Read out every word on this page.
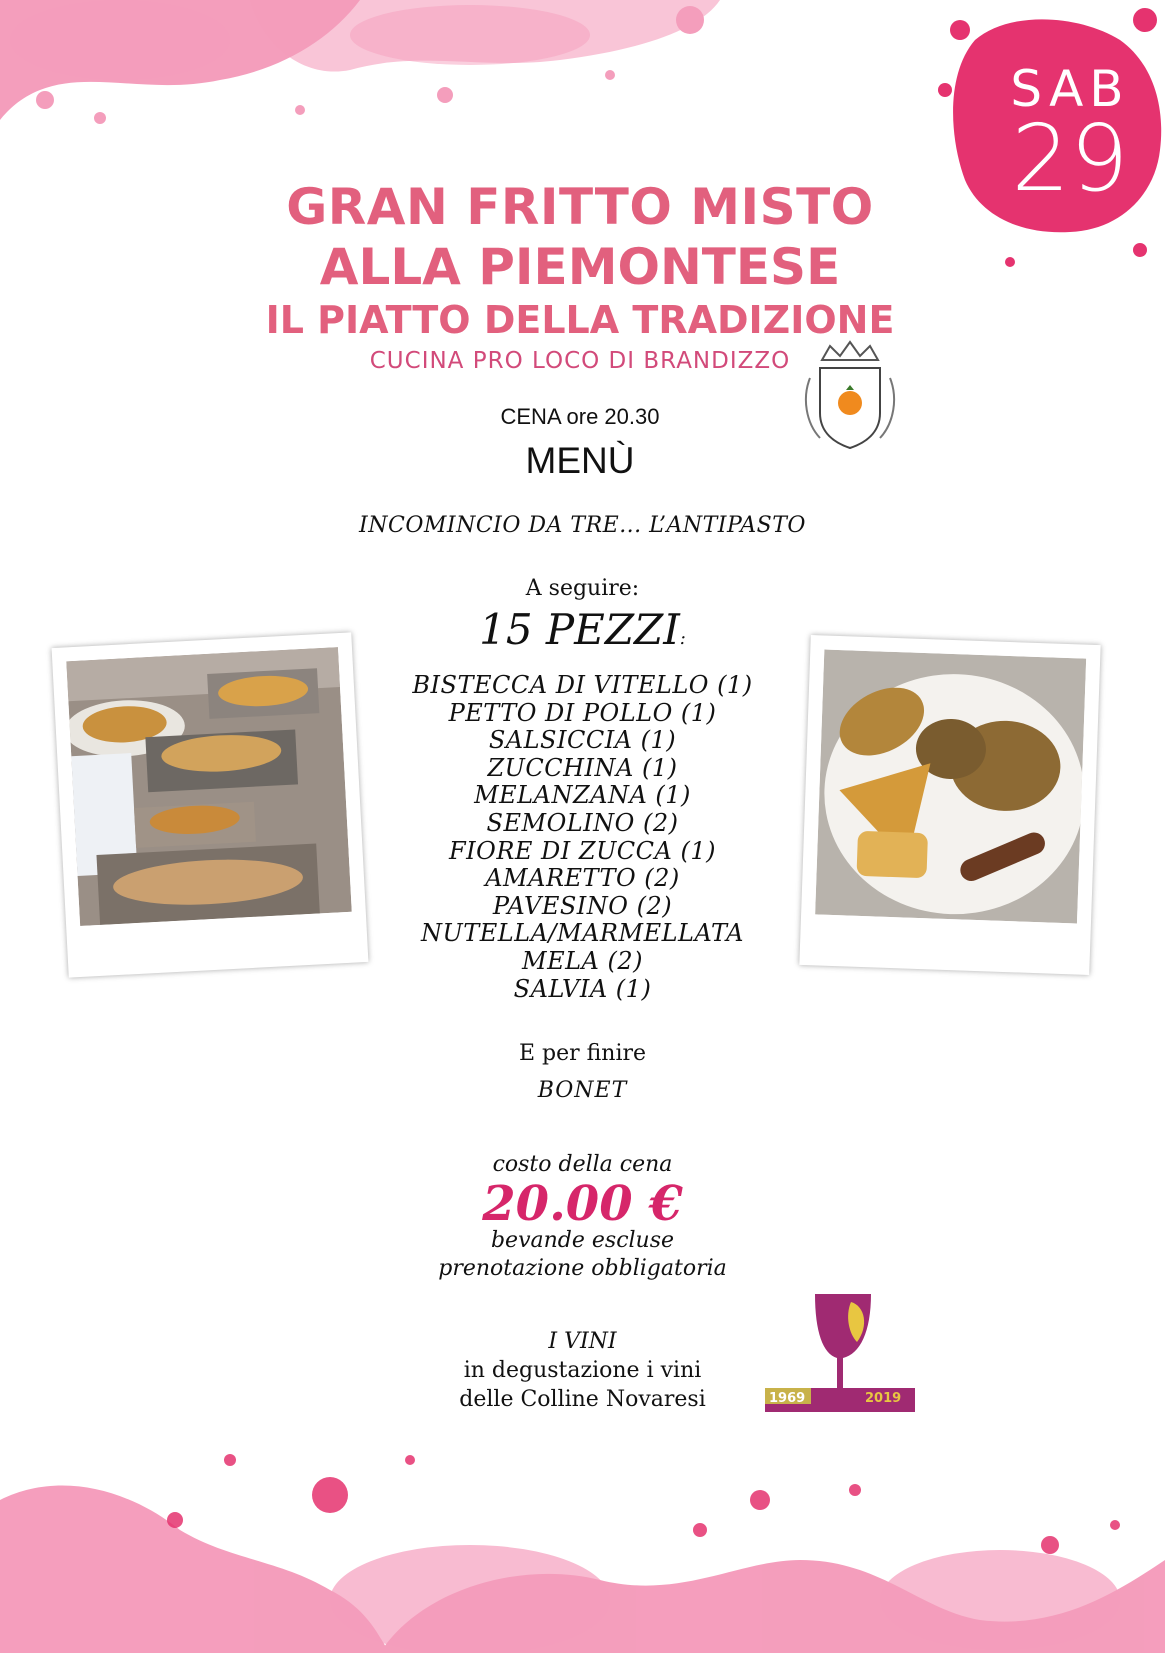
SAB
29
GRAN FRITTO MISTO
ALLA PIEMONTESE
IL PIATTO DELLA TRADIZIONE
CUCINA PRO LOCO DI BRANDIZZO
CENA ore 20.30
MENÙ
INCOMINCIO DA TRE... L’ANTIPASTO
A seguire:
15 PEZZI:
BISTECCA DI VITELLO (1)
PETTO DI POLLO (1)
SALSICCIA (1)
ZUCCHINA (1)
MELANZANA (1)
SEMOLINO (2)
FIORE DI ZUCCA (1)
AMARETTO (2)
PAVESINO (2)
NUTELLA/MARMELLATA
MELA (2)
SALVIA (1)
E per finire
BONET
costo della cena
20.00 €
bevande escluse
prenotazione obbligatoria
I VINI
in degustazione i vini
delle Colline Novaresi	1969	2019
